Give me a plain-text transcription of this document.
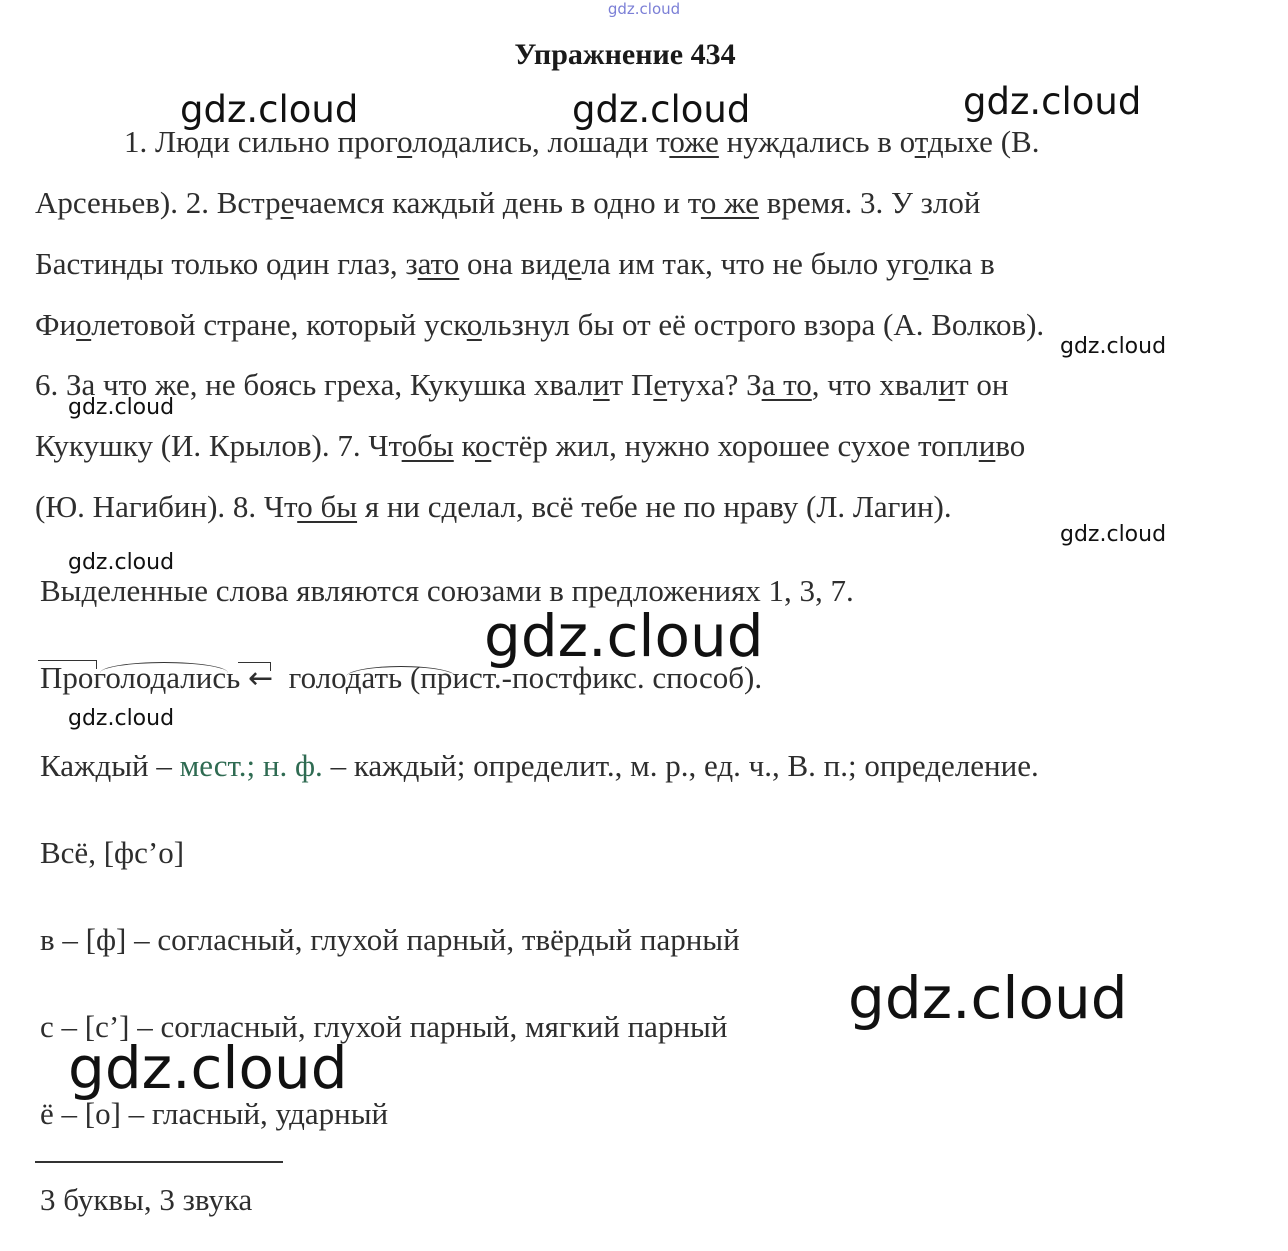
gdz.cloud
Упражнение 434
gdz.cloud	gdz.cloud	gdz.cloud
gdz.cloud
gdz.cloud
gdz.cloud
gdz.cloud
gdz.cloud
gdz.cloud
gdz.cloud
gdz.cloud
1. Люди сильно проголодались, лошади тоже нуждались в отдыхе (В.
Арсеньев). 2. Встречаемся каждый день в одно и то же время. 3. У злой
Бастинды только один глаз, зато она видела им так, что не было уголка в
Фиолетовой стране, который ускользнул бы от её острого взора (А. Волков).
6. За что же, не боясь греха, Кукушка хвалит Петуха? За то, что хвалит он
Кукушку (И. Крылов). 7. Чтобы костёр жил, нужно хорошее сухое топливо
(Ю. Нагибин). 8. Что бы я ни сделал, всё тебе не по нраву (Л. Лагин).
Выделенные слова являются союзами в предложениях 1, 3, 7.
Проголодались ← голодать (прист.-постфикс. способ).
Каждый – мест.; н. ф. – каждый; определит., м. р., ед. ч., В. п.; определение.
Всё, [фс’о]
в – [ф] – согласный, глухой парный, твёрдый парный
с – [с’] – согласный, глухой парный, мягкий парный
ё – [о] – гласный, ударный
3 буквы, 3 звука
